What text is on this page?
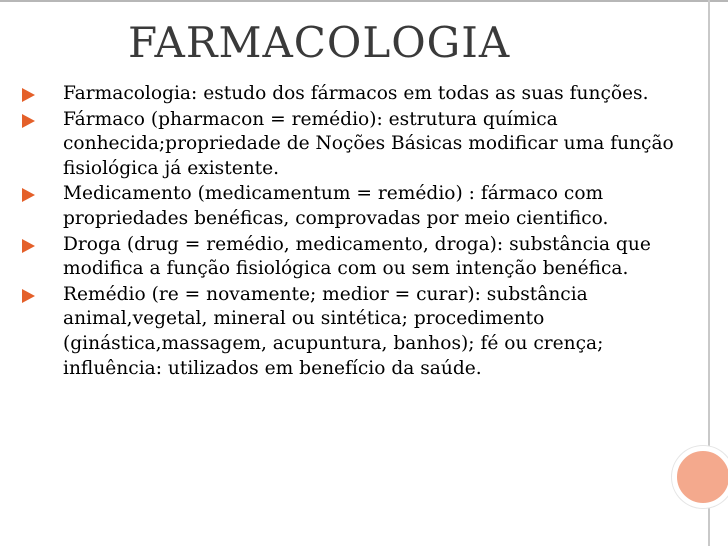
FARMACOLOGIA
Farmacologia: estudo dos fármacos em todas as suas funções.
Fármaco (pharmacon = remédio): estrutura química conhecida;propriedade de Noções Básicas modificar uma função fisiológica já existente.
Medicamento (medicamentum = remédio) : fármaco com propriedades benéficas, comprovadas por meio cientifico.
Droga (drug = remédio, medicamento, droga): substância que modifica a função fisiológica com ou sem intenção benéfica.
Remédio (re = novamente; medior = curar): substância animal,vegetal, mineral ou sintética; procedimento (ginástica,massagem, acupuntura, banhos); fé ou crença; influência: utilizados em benefício da saúde.
